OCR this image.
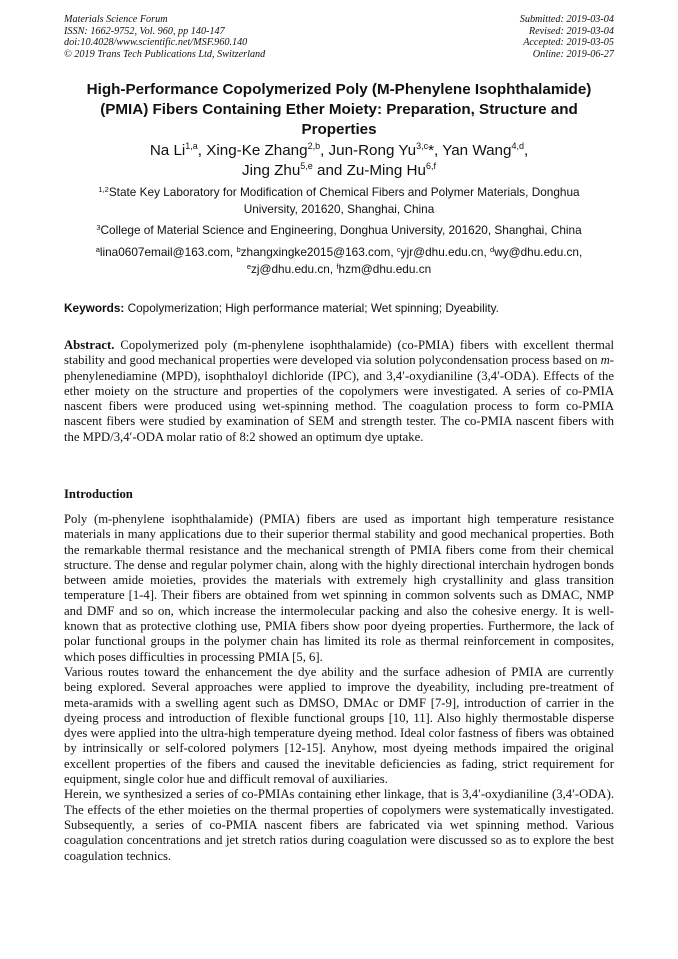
Materials Science Forum
ISSN: 1662-9752, Vol. 960, pp 140-147
doi:10.4028/www.scientific.net/MSF.960.140
© 2019 Trans Tech Publications Ltd, Switzerland
Submitted: 2019-03-04
Revised: 2019-03-04
Accepted: 2019-03-05
Online: 2019-06-27
High-Performance Copolymerized Poly (M-Phenylene Isophthalamide)
(PMIA) Fibers Containing Ether Moiety: Preparation, Structure and
Properties
Na Li$^{1,a}$, Xing-Ke Zhang$^{2,b}$, Jun-Rong Yu$^{3,c}$*, Yan Wang$^{4,d}$,
Jing Zhu$^{5,e}$ and Zu-Ming Hu$^{6,f}$
$^{1,2}$State Key Laboratory for Modification of Chemical Fibers and Polymer Materials, Donghua
University, 201620, Shanghai, China
$^3$College of Material Science and Engineering, Donghua University, 201620, Shanghai, China
$^a$lina0607email@163.com, $^b$zhangxingke2015@163.com, $^c$yjr@dhu.edu.cn, $^d$wy@dhu.edu.cn,
$^e$zj@dhu.edu.cn, $^f$hzm@dhu.edu.cn
Keywords: Copolymerization; High performance material; Wet spinning; Dyeability.

Abstract. Copolymerized poly (m-phenylene isophthalamide) (co-PMIA) fibers with excellent thermal stability and good mechanical properties were developed via solution polycondensation process based on m-phenylenediamine (MPD), isophthaloyl dichloride (IPC), and 3,4′-oxydianiline (3,4′-ODA). Effects of the ether moiety on the structure and properties of the copolymers were investigated. A series of co-PMIA nascent fibers were produced using wet-spinning method. The coagulation process to form co-PMIA nascent fibers were studied by examination of SEM and strength tester. The co-PMIA nascent fibers with the MPD/3,4′-ODA molar ratio of 8:2 showed an optimum dye uptake.

Introduction

Poly (m-phenylene isophthalamide) (PMIA) fibers are used as important high temperature resistance materials in many applications due to their superior thermal stability and good mechanical properties. Both the remarkable thermal resistance and the mechanical strength of PMIA fibers come from their chemical structure. The dense and regular polymer chain, along with the highly directional interchain hydrogen bonds between amide moieties, provides the materials with extremely high crystallinity and glass transition temperature [1-4]. Their fibers are obtained from wet spinning in common solvents such as DMAC, NMP and DMF and so on, which increase the intermolecular packing and also the cohesive energy. It is well-known that as protective clothing use, PMIA fibers show poor dyeing properties. Furthermore, the lack of polar functional groups in the polymer chain has limited its role as thermal reinforcement in composites, which poses difficulties in processing PMIA [5, 6].

Various routes toward the enhancement the dye ability and the surface adhesion of PMIA are currently being explored. Several approaches were applied to improve the dyeability, including pre-treatment of meta-aramids with a swelling agent such as DMSO, DMAc or DMF [7-9], introduction of carrier in the dyeing process and introduction of flexible functional groups [10, 11]. Also highly thermostable disperse dyes were applied into the ultra-high temperature dyeing method. Ideal color fastness of fibers was obtained by intrinsically or self-colored polymers [12-15]. Anyhow, most dyeing methods impaired the original excellent properties of the fibers and caused the inevitable deficiencies as fading, strict requirement for equipment, single color hue and difficult removal of auxiliaries.

Herein, we synthesized a series of co-PMIAs containing ether linkage, that is 3,4′-oxydianiline (3,4′-ODA). The effects of the ether moieties on the thermal properties of copolymers were systematically investigated. Subsequently, a series of co-PMIA nascent fibers are fabricated via wet spinning method. Various coagulation concentrations and jet stretch ratios during coagulation were discussed so as to explore the best coagulation technics.
